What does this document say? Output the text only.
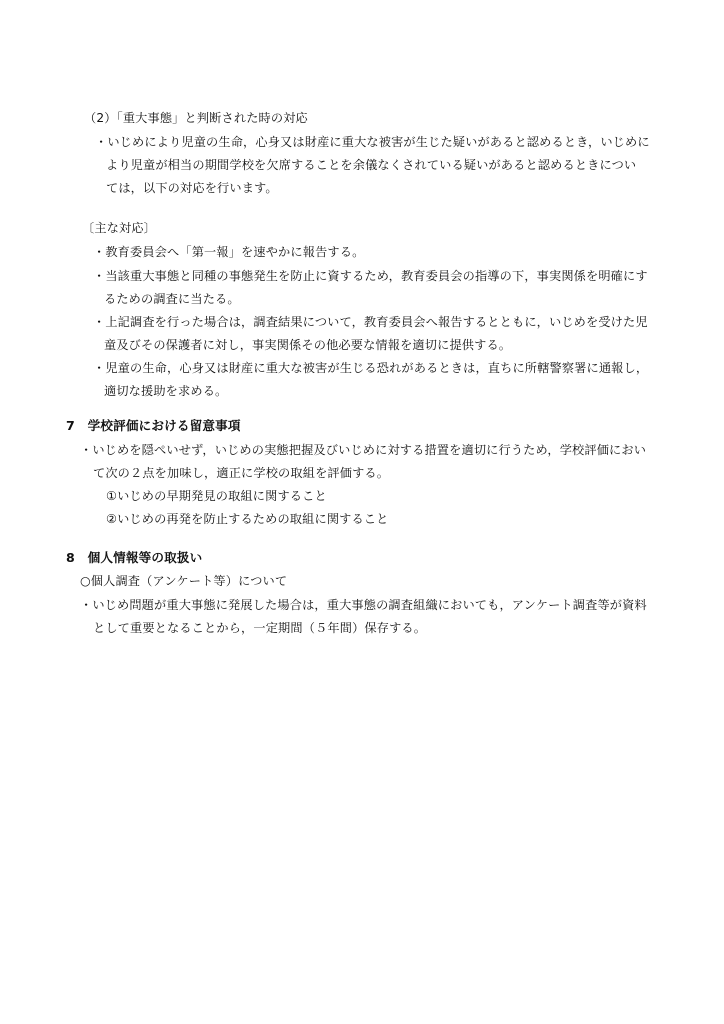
（2）「重大事態」と判断された時の対応
・いじめにより児童の生命，心身又は財産に重大な被害が生じた疑いがあると認めるとき，いじめに
より児童が相当の期間学校を欠席することを余儀なくされている疑いがあると認めるときについ
ては，以下の対応を行います。
〔主な対応〕
・教育委員会へ「第一報」を速やかに報告する。
・当該重大事態と同種の事態発生を防止に資するため，教育委員会の指導の下，事実関係を明確にす
るための調査に当たる。
・上記調査を行った場合は，調査結果について，教育委員会へ報告するとともに，いじめを受けた児
童及びその保護者に対し，事実関係その他必要な情報を適切に提供する。
・児童の生命，心身又は財産に重大な被害が生じる恐れがあるときは，直ちに所轄警察署に通報し，
適切な援助を求める。
7　学校評価における留意事項
・いじめを隠ぺいせず，いじめの実態把握及びいじめに対する措置を適切に行うため，学校評価におい
て次の２点を加味し，適正に学校の取組を評価する。
①いじめの早期発見の取組に関すること
②いじめの再発を防止するための取組に関すること
8　個人情報等の取扱い
○個人調査（アンケート等）について
・いじめ問題が重大事態に発展した場合は，重大事態の調査組織においても，アンケート調査等が資料
として重要となることから，一定期間（５年間）保存する。
